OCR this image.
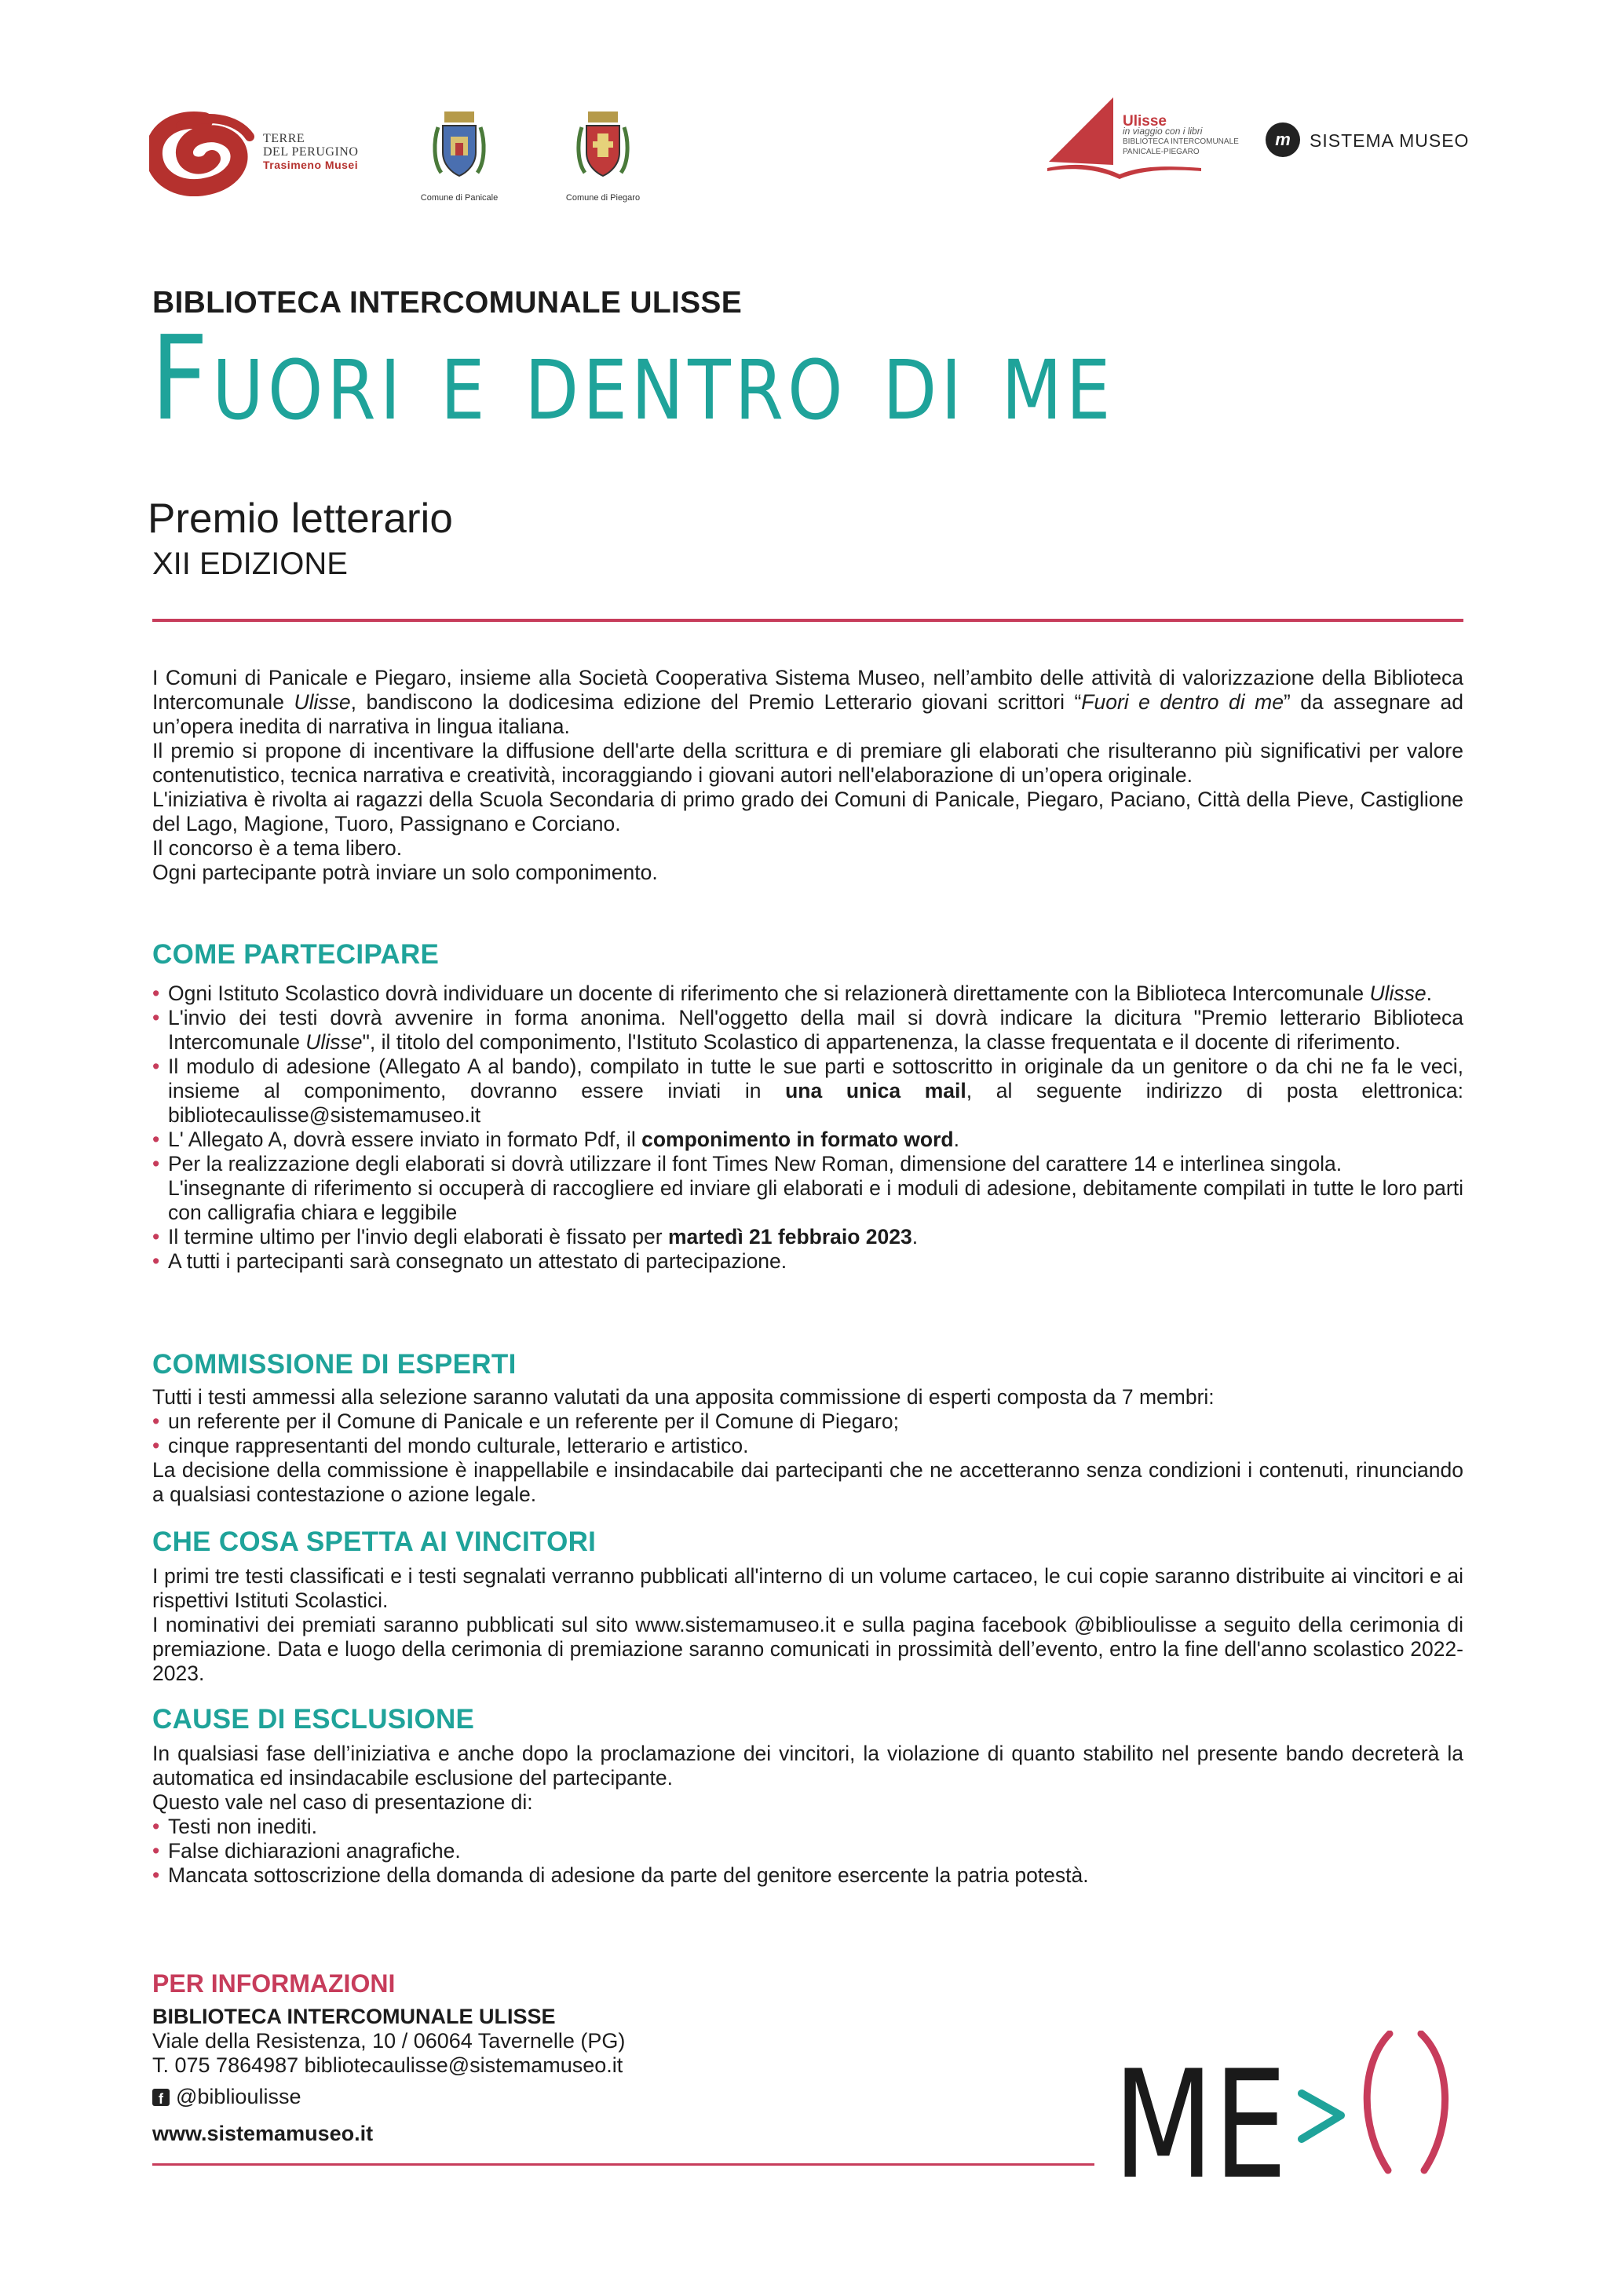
TERRE
DEL PERUGINO
Trasimeno Musei
Comune di Panicale	Comune di Piegaro
Ulisse
in viaggio con i libri
BIBLIOTECA INTERCOMUNALE
PANICALE-PIEGARO
m	SISTEMA MUSEO
BIBLIOTECA INTERCOMUNALE ULISSE
Fuori e dentro di me
Premio letterario
XII EDIZIONE

I Comuni di Panicale e Piegaro, insieme alla Società Cooperativa Sistema Museo, nell’ambito delle attività di valorizzazione della Biblioteca Intercomunale Ulisse, bandiscono la dodicesima edizione del Premio Letterario giovani scrittori “Fuori e dentro di me” da assegnare ad un’opera inedita di narrativa in lingua italiana.

Il premio si propone di incentivare la diffusione dell'arte della scrittura e di premiare gli elaborati che risulteranno più significativi per valore contenutistico, tecnica narrativa e creatività, incoraggiando i giovani autori nell'elaborazione di un’opera originale.

L'iniziativa è rivolta ai ragazzi della Scuola Secondaria di primo grado dei Comuni di Panicale, Piegaro, Paciano, Città della Pieve, Castiglione del Lago, Magione, Tuoro, Passignano e Corciano.

Il concorso è a tema libero.

Ogni partecipante potrà inviare un solo componimento.

COME PARTECIPARE
• Ogni Istituto Scolastico dovrà individuare un docente di riferimento che si relazionerà direttamente con la Biblioteca Intercomunale Ulisse.
• L'invio dei testi dovrà avvenire in forma anonima. Nell'oggetto della mail si dovrà indicare la dicitura "Premio letterario Biblioteca Intercomunale Ulisse", il titolo del componimento, l'Istituto Scolastico di appartenenza, la classe frequentata e il docente di riferimento.
• Il modulo di adesione (Allegato A al bando), compilato in tutte le sue parti e sottoscritto in originale da un genitore o da chi ne fa le veci, insieme al componimento, dovranno essere inviati in una unica mail, al seguente indirizzo di posta elettronica: bibliotecaulisse@sistemamuseo.it
• L' Allegato A, dovrà essere inviato in formato Pdf, il componimento in formato word.
• Per la realizzazione degli elaborati si dovrà utilizzare il font Times New Roman, dimensione del carattere 14 e interlinea singola.
L'insegnante di riferimento si occuperà di raccogliere ed inviare gli elaborati e i moduli di adesione, debitamente compilati in tutte le loro parti con calligrafia chiara e leggibile
• Il termine ultimo per l'invio degli elaborati è fissato per martedì 21 febbraio 2023.
• A tutti i partecipanti sarà consegnato un attestato di partecipazione.
COMMISSIONE DI ESPERTI
Tutti i testi ammessi alla selezione saranno valutati da una apposita commissione di esperti composta da 7 membri:
• un referente per il Comune di Panicale e un referente per il Comune di Piegaro;
• cinque rappresentanti del mondo culturale, letterario e artistico.
La decisione della commissione è inappellabile e insindacabile dai partecipanti che ne accetteranno senza condizioni i contenuti, rinunciando a qualsiasi contestazione o azione legale.
CHE COSA SPETTA AI VINCITORI

I primi tre testi classificati e i testi segnalati verranno pubblicati all'interno di un volume cartaceo, le cui copie saranno distribuite ai vincitori e ai rispettivi Istituti Scolastici.

I nominativi dei premiati saranno pubblicati sul sito www.sistemamuseo.it e sulla pagina facebook @biblioulisse a seguito della cerimonia di premiazione. Data e luogo della cerimonia di premiazione saranno comunicati in prossimità dell’evento, entro la fine dell'anno scolastico 2022-2023.

CAUSE DI ESCLUSIONE
In qualsiasi fase dell’iniziativa e anche dopo la proclamazione dei vincitori, la violazione di quanto stabilito nel presente bando decreterà la automatica ed insindacabile esclusione del partecipante.
Questo vale nel caso di presentazione di:
• Testi non inediti.
• False dichiarazioni anagrafiche.
• Mancata sottoscrizione della domanda di adesione da parte del genitore esercente la patria potestà.
PER INFORMAZIONI
BIBLIOTECA INTERCOMUNALE ULISSE
Viale della Resistenza, 10 / 06064 Tavernelle (PG)
T. 075 7864987 bibliotecaulisse@sistemamuseo.it
f @biblioulisse
www.sistemamuseo.it	ME
